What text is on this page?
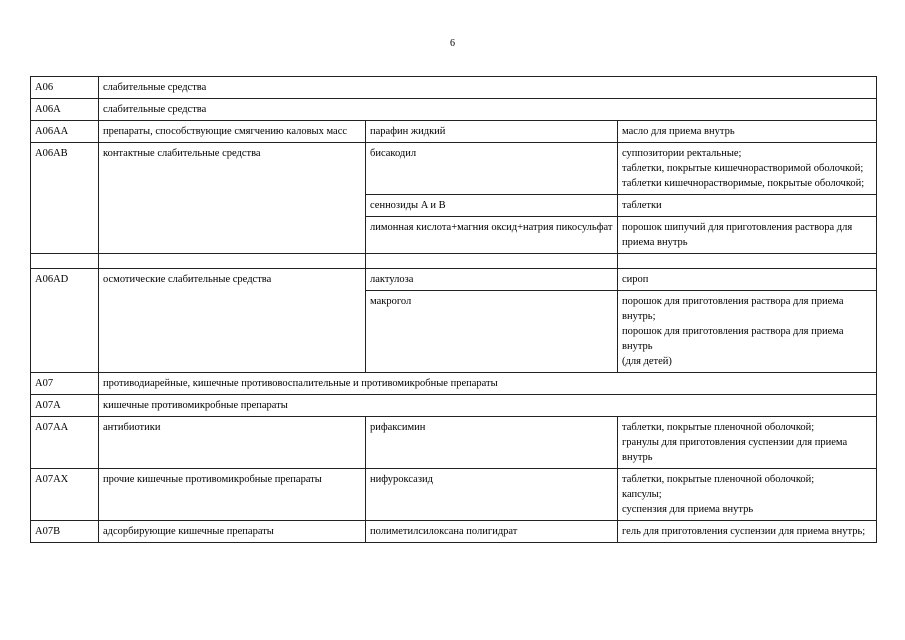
6
A06	слабительные средства		
A06A	слабительные средства		
A06AA	препараты, способствующие смягчению каловых масс	парафин жидкий	масло для приема внутрь

A06AB	контактные слабительные средства	бисакодил	суппозитории ректальные;
таблетки, покрытые кишечнорастворимой оболочкой;
таблетки кишечнорастворимые, покрытые оболочкой;

		сеннозиды A и B	таблетки

		лимонная кислота+магния оксид+натрия пикосульфат	порошок шипучий для приготовления раствора для приема внутрь

A06AD	осмотические слабительные средства	лактулоза	сироп

		макрогол	порошок для приготовления раствора для приема внутрь;
порошок для приготовления раствора для приема внутрь
(для детей)

A07	противодиарейные, кишечные противовоспалительные и противомикробные препараты		
A07A	кишечные противомикробные препараты		
A07AA	антибиотики	рифаксимин	таблетки, покрытые пленочной оболочкой;
гранулы для приготовления суспензии для приема внутрь

A07AX	прочие кишечные противомикробные препараты	нифуроксазид	таблетки, покрытые пленочной оболочкой;
капсулы;
суспензия для приема внутрь

A07B	адсорбирующие кишечные препараты	полиметилсилоксана полигидрат	гель для приготовления суспензии для приема внутрь;
